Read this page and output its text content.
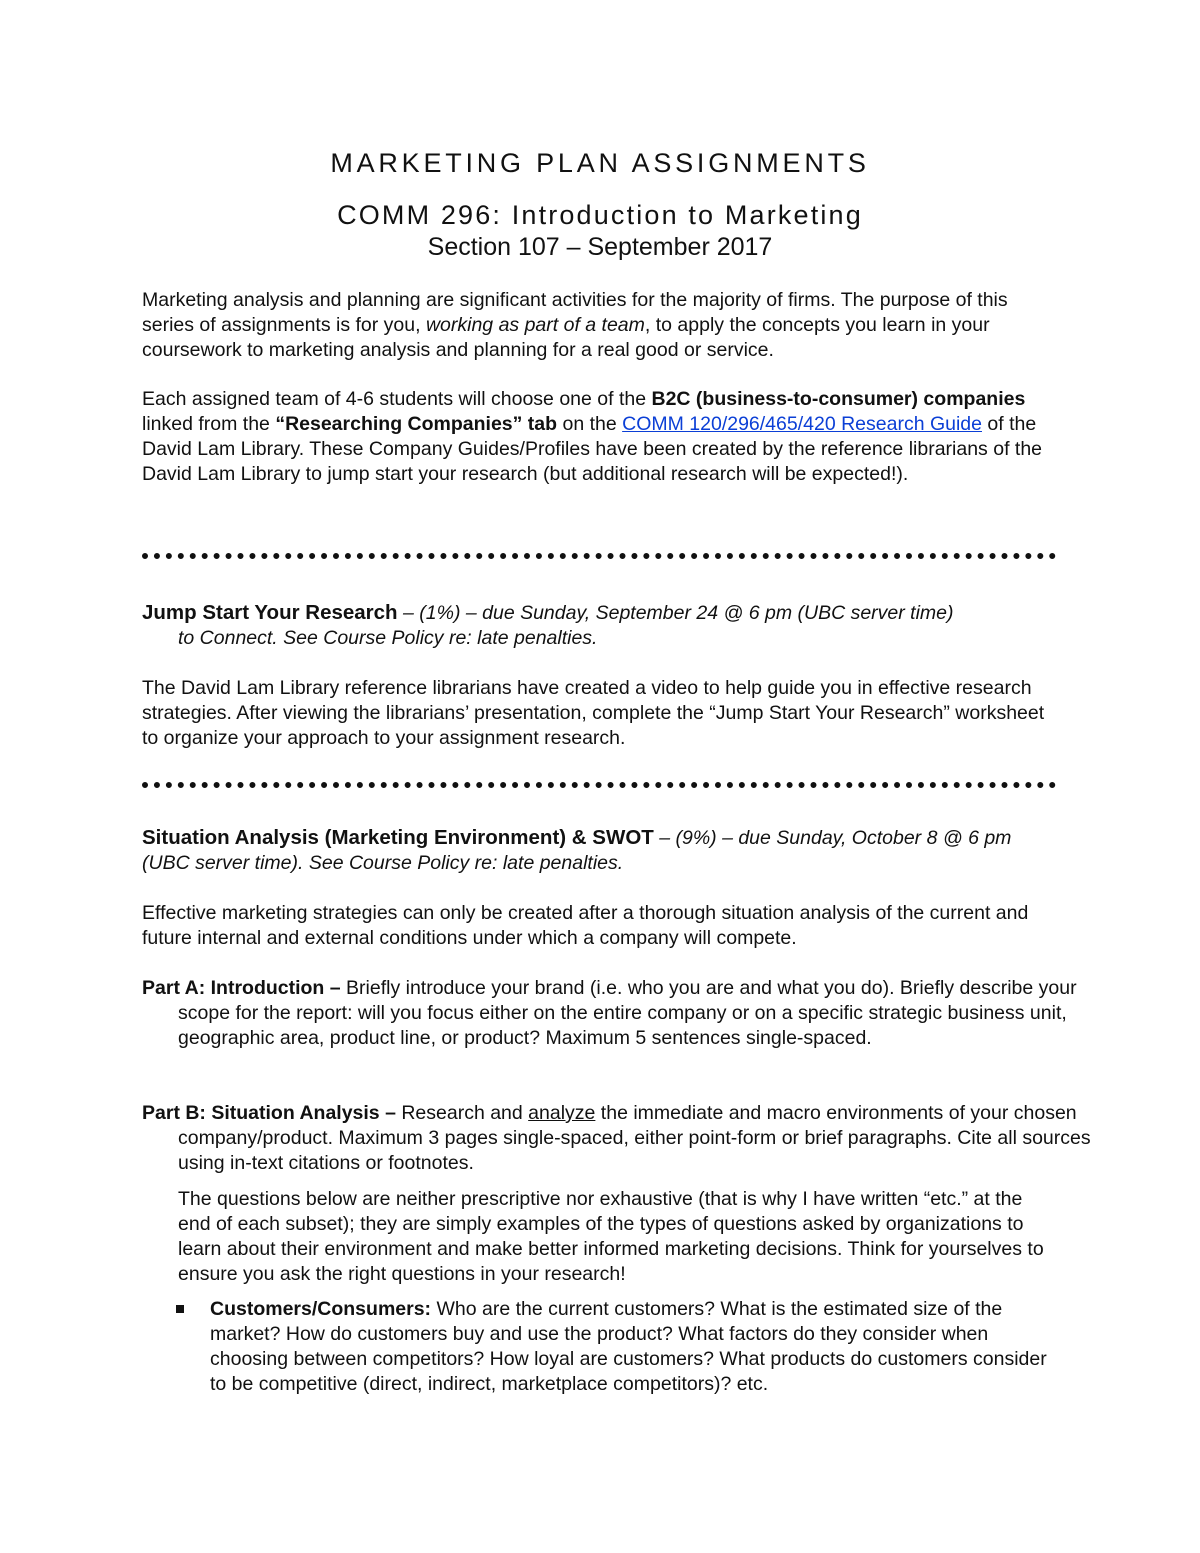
MARKETING PLAN ASSIGNMENTS
COMM 296: Introduction to Marketing
Section 107 – September 2017

Marketing analysis and planning are significant activities for the majority of firms. The purpose of this series of assignments is for you, working as part of a team, to apply the concepts you learn in your coursework to marketing analysis and planning for a real good or service.

Each assigned team of 4-6 students will choose one of the B2C (business-to-consumer) companies linked from the “Researching Companies” tab on the COMM 120/296/465/420 Research Guide of the David Lam Library. These Company Guides/Profiles have been created by the reference librarians of the David Lam Library to jump start your research (but additional research will be expected!).

Jump Start Your Research – (1%) – due Sunday, September 24 @ 6 pm (UBC server time)
to Connect. See Course Policy re: late penalties.

The David Lam Library reference librarians have created a video to help guide you in effective research strategies. After viewing the librarians’ presentation, complete the “Jump Start Your Research” worksheet to organize your approach to your assignment research.

Situation Analysis (Marketing Environment) & SWOT – (9%) – due Sunday, October 8 @ 6 pm (UBC server time). See Course Policy re: late penalties.

Effective marketing strategies can only be created after a thorough situation analysis of the current and future internal and external conditions under which a company will compete.

Part A: Introduction – Briefly introduce your brand (i.e. who you are and what you do). Briefly describe your scope for the report: will you focus either on the entire company or on a specific strategic business unit, geographic area, product line, or product? Maximum 5 sentences single-spaced.

Part B: Situation Analysis – Research and analyze the immediate and macro environments of your chosen company/product. Maximum 3 pages single-spaced, either point-form or brief paragraphs. Cite all sources using in-text citations or footnotes.

The questions below are neither prescriptive nor exhaustive (that is why I have written “etc.” at the end of each subset); they are simply examples of the types of questions asked by organizations to learn about their environment and make better informed marketing decisions. Think for yourselves to ensure you ask the right questions in your research!

Customers/Consumers: Who are the current customers? What is the estimated size of the market? How do customers buy and use the product? What factors do they consider when choosing between competitors? How loyal are customers? What products do customers consider to be competitive (direct, indirect, marketplace competitors)? etc.
